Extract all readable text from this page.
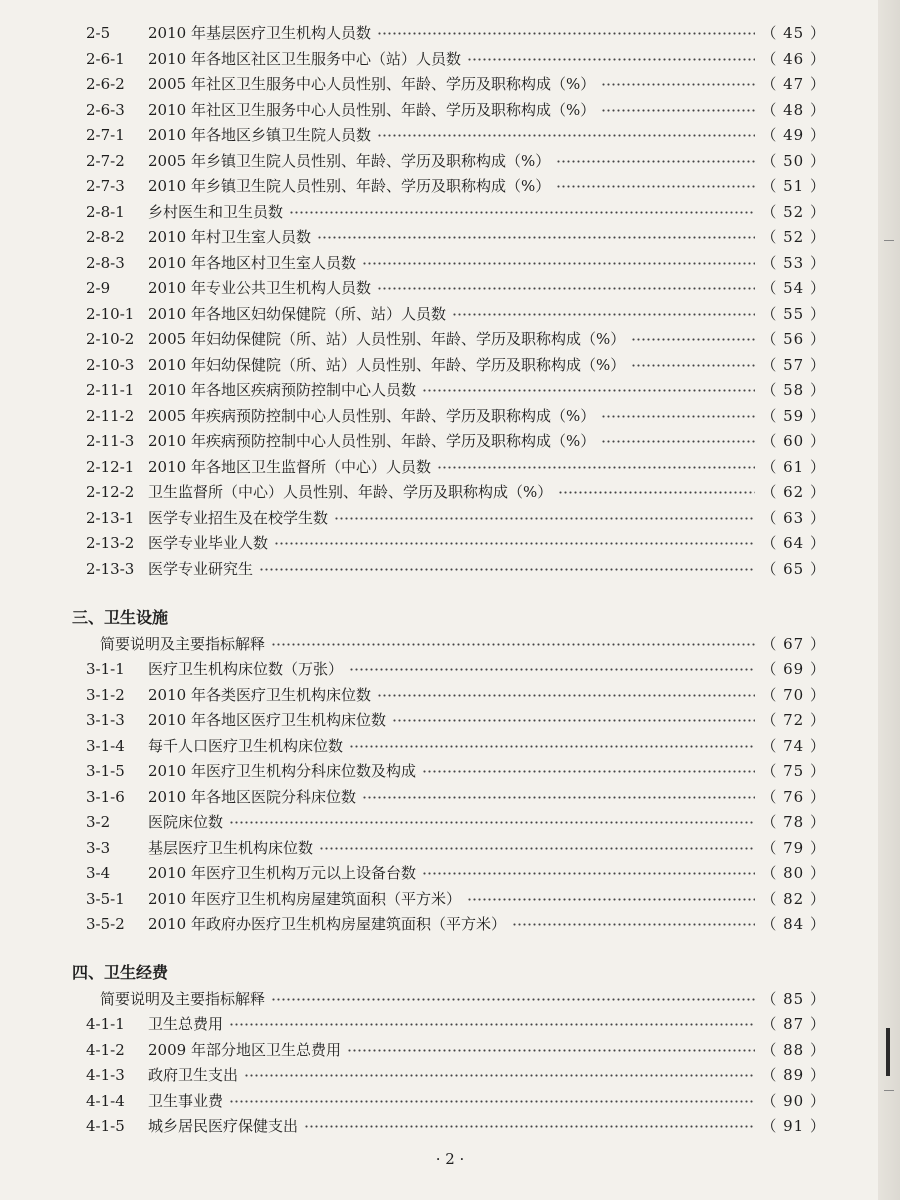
2-5	2010 年基层医疗卫生机构人员数	（ 45 ）
2-6-1	2010 年各地区社区卫生服务中心（站）人员数	（ 46 ）
2-6-2	2005 年社区卫生服务中心人员性别、年龄、学历及职称构成（%）	（ 47 ）
2-6-3	2010 年社区卫生服务中心人员性别、年龄、学历及职称构成（%）	（ 48 ）
2-7-1	2010 年各地区乡镇卫生院人员数	（ 49 ）
2-7-2	2005 年乡镇卫生院人员性别、年龄、学历及职称构成（%）	（ 50 ）
2-7-3	2010 年乡镇卫生院人员性别、年龄、学历及职称构成（%）	（ 51 ）
2-8-1	乡村医生和卫生员数	（ 52 ）
2-8-2	2010 年村卫生室人员数	（ 52 ）
2-8-3	2010 年各地区村卫生室人员数	（ 53 ）
2-9	2010 年专业公共卫生机构人员数	（ 54 ）
2-10-1 2010 年各地区妇幼保健院（所、站）人员数	（ 55 ）
2-10-2 2005 年妇幼保健院（所、站）人员性别、年龄、学历及职称构成（%）	（ 56 ）
2-10-3 2010 年妇幼保健院（所、站）人员性别、年龄、学历及职称构成（%）	（ 57 ）
2-11-1 2010 年各地区疾病预防控制中心人员数	（ 58 ）
2-11-2 2005 年疾病预防控制中心人员性别、年龄、学历及职称构成（%）	（ 59 ）
2-11-3 2010 年疾病预防控制中心人员性别、年龄、学历及职称构成（%）	（ 60 ）
2-12-1 2010 年各地区卫生监督所（中心）人员数	（ 61 ）
2-12-2 卫生监督所（中心）人员性别、年龄、学历及职称构成（%）	（ 62 ）
2-13-1 医学专业招生及在校学生数	（ 63 ）
2-13-2 医学专业毕业人数	（ 64 ）
2-13-3 医学专业研究生	（ 65 ）
三、卫生设施
简要说明及主要指标解释	（ 67 ）
3-1-1	医疗卫生机构床位数（万张）	（ 69 ）
3-1-2	2010 年各类医疗卫生机构床位数	（ 70 ）
3-1-3	2010 年各地区医疗卫生机构床位数	（ 72 ）
3-1-4	每千人口医疗卫生机构床位数	（ 74 ）
3-1-5	2010 年医疗卫生机构分科床位数及构成	（ 75 ）
3-1-6	2010 年各地区医院分科床位数	（ 76 ）
3-2	医院床位数	（ 78 ）
3-3	基层医疗卫生机构床位数	（ 79 ）
3-4	2010 年医疗卫生机构万元以上设备台数	（ 80 ）
3-5-1	2010 年医疗卫生机构房屋建筑面积（平方米）	（ 82 ）
3-5-2	2010 年政府办医疗卫生机构房屋建筑面积（平方米）	（ 84 ）
四、卫生经费
简要说明及主要指标解释	（ 85 ）
4-1-1	卫生总费用	（ 87 ）
4-1-2	2009 年部分地区卫生总费用	（ 88 ）
4-1-3	政府卫生支出	（ 89 ）
4-1-4	卫生事业费	（ 90 ）
4-1-5	城乡居民医疗保健支出	（ 91 ）
· 2 ·
